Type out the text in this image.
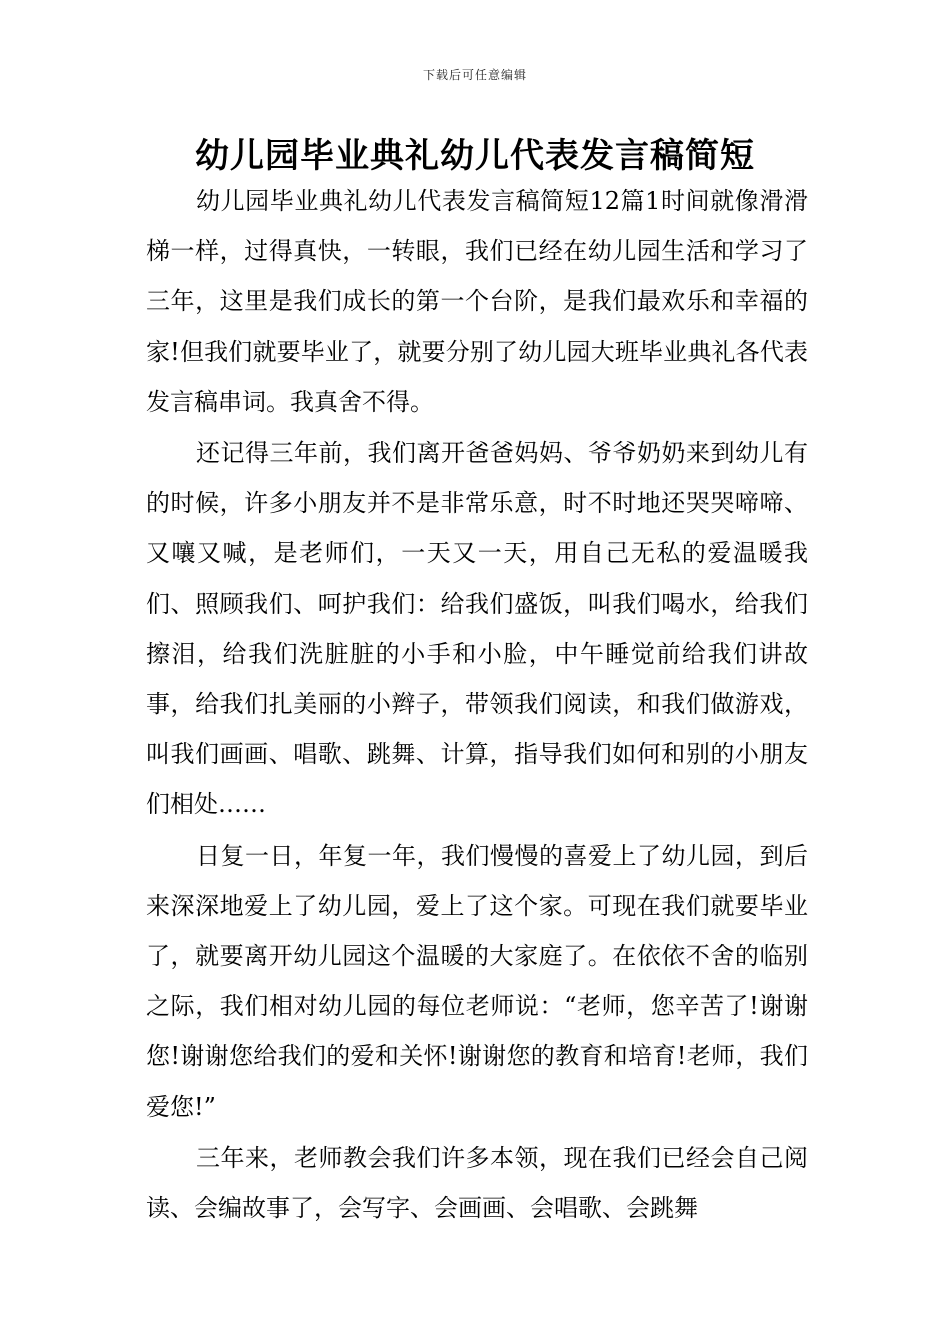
下载后可任意编辑
幼儿园毕业典礼幼儿代表发言稿简短

幼儿园毕业典礼幼儿代表发言稿简短12篇1时间就像滑滑梯一样，过得真快，一转眼，我们已经在幼儿园生活和学习了三年，这里是我们成长的第一个台阶，是我们最欢乐和幸福的家!但我们就要毕业了，就要分别了幼儿园大班毕业典礼各代表发言稿串词。我真舍不得。

还记得三年前，我们离开爸爸妈妈、爷爷奶奶来到幼儿有的时候，许多小朋友并不是非常乐意，时不时地还哭哭啼啼、又嚷又喊，是老师们，一天又一天，用自己无私的爱温暖我们、照顾我们、呵护我们：给我们盛饭，叫我们喝水，给我们擦泪，给我们洗脏脏的小手和小脸，中午睡觉前给我们讲故事，给我们扎美丽的小辫子，带领我们阅读，和我们做游戏，叫我们画画、唱歌、跳舞、计算，指导我们如何和别的小朋友们相处……

日复一日，年复一年，我们慢慢的喜爱上了幼儿园，到后来深深地爱上了幼儿园，爱上了这个家。可现在我们就要毕业了，就要离开幼儿园这个温暖的大家庭了。在依依不舍的临别之际，我们相对幼儿园的每位老师说：“老师，您辛苦了!谢谢您!谢谢您给我们的爱和关怀!谢谢您的教育和培育!老师，我们爱您!”

三年来，老师教会我们许多本领，现在我们已经会自己阅读、会编故事了，会写字、会画画、会唱歌、会跳舞
